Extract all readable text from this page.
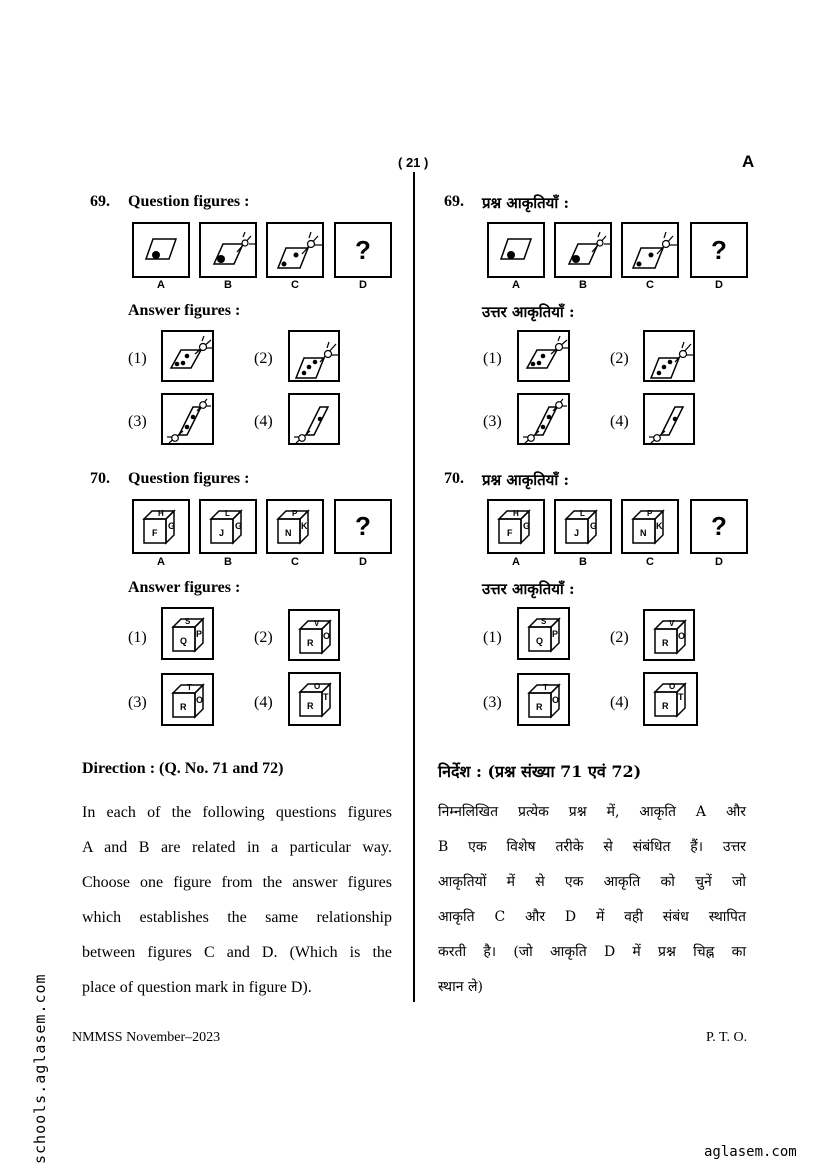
( 21 )	A
69. Question figures :
?
A	B	C	D
Answer figures :
(1)	(2)
(3)	(4)
70. Question figures :
H
F
G
L
J
G
P
N
K	?
A	B	C	D
Answer figures :
(1)
S
Q
P	(2)
V
R
O
(3)
T
R
O	(4)
O
R
T
Direction : (Q. No. 71 and 72)
In each of the following questions figures
A and B are related in a particular way.
Choose one figure from the answer figures
which establishes the same relationship
between figures C and D. (Which is the
place of question mark in figure D).
69. प्रश्न आकृतियाँ :
?
A	B	C	D
उत्तर आकृतियाँ :
(1)	(2)
(3)	(4)
70. प्रश्न आकृतियाँ :
H
F
G
L
J
G
P
N
K	?
A	B	C	D
उत्तर आकृतियाँ :
(1)
S
Q
P	(2)
V
R
O
(3)
T
R
O	(4)
O
R
T
निर्देश : (प्रश्न संख्या 71 एवं 72)
निम्नलिखित प्रत्येक प्रश्न में, आकृति A और
B एक विशेष तरीके से संबंधित हैं। उत्तर
आकृतियों में से एक आकृति को चुनें जो
आकृति C और D में वही संबंध स्थापित
करती है। (जो आकृति D में प्रश्न चिह्न का
स्थान ले)
NMMSS November–2023	P. T. O.
schools.aglasem.com	aglasem.com
